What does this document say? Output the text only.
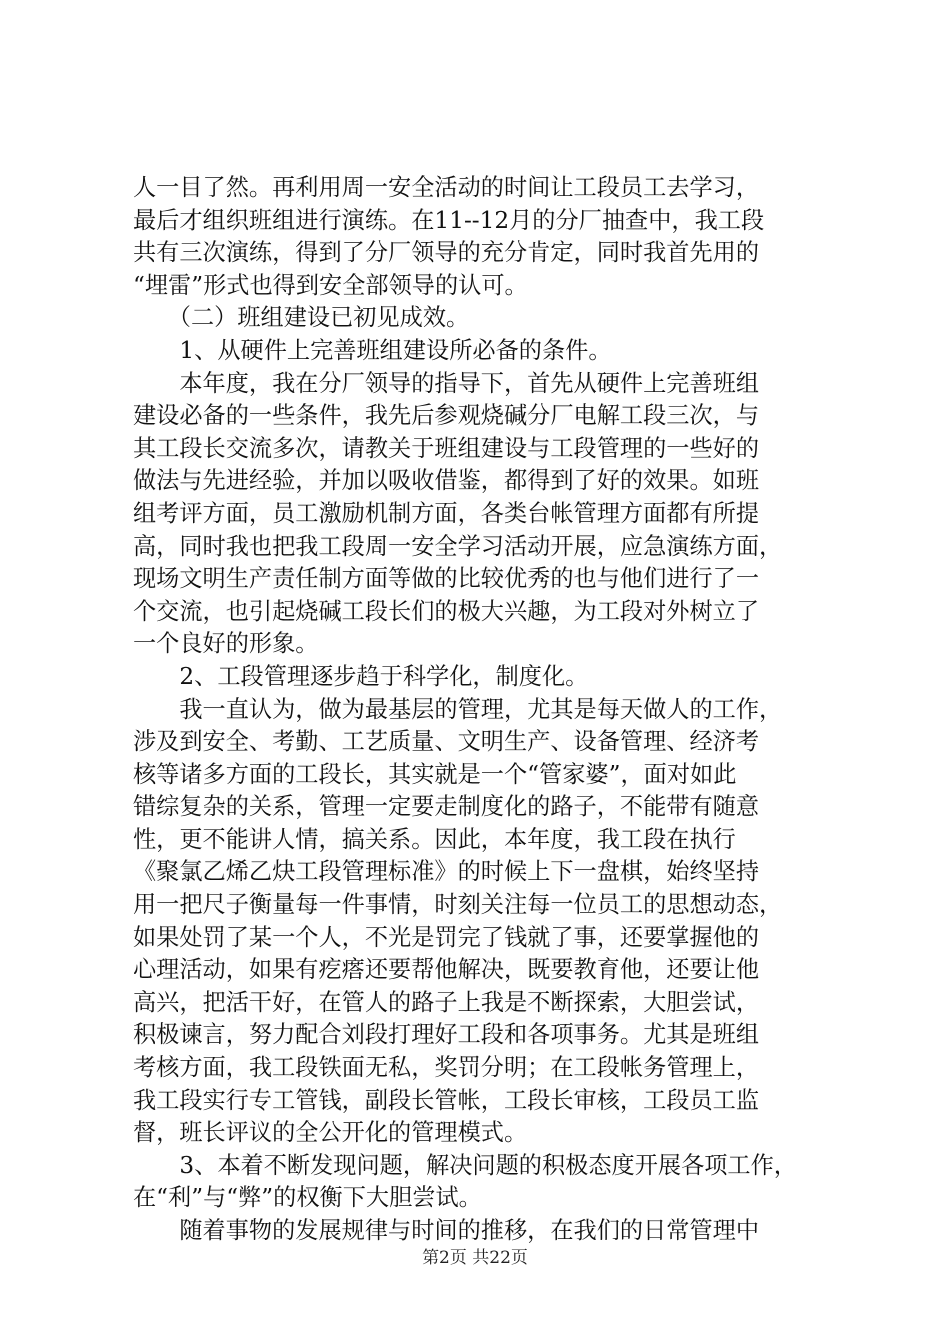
人一目了然。再利用周一安全活动的时间让工段员工去学习，
最后才组织班组进行演练。在11--12月的分厂抽查中，我工段
共有三次演练，得到了分厂领导的充分肯定，同时我首先用的
“埋雷”形式也得到安全部领导的认可。
　　（二）班组建设已初见成效。
　　1、从硬件上完善班组建设所必备的条件。
　　本年度，我在分厂领导的指导下，首先从硬件上完善班组
建设必备的一些条件，我先后参观烧碱分厂电解工段三次，与
其工段长交流多次，请教关于班组建设与工段管理的一些好的
做法与先进经验，并加以吸收借鉴，都得到了好的效果。如班
组考评方面，员工激励机制方面，各类台帐管理方面都有所提
高，同时我也把我工段周一安全学习活动开展，应急演练方面，
现场文明生产责任制方面等做的比较优秀的也与他们进行了一
个交流，也引起烧碱工段长们的极大兴趣，为工段对外树立了
一个良好的形象。
　　2、工段管理逐步趋于科学化，制度化。
　　我一直认为，做为最基层的管理，尤其是每天做人的工作，
涉及到安全、考勤、工艺质量、文明生产、设备管理、经济考
核等诸多方面的工段长，其实就是一个“管家婆”，面对如此
错综复杂的关系，管理一定要走制度化的路子，不能带有随意
性，更不能讲人情，搞关系。因此，本年度，我工段在执行
《聚氯乙烯乙炔工段管理标准》的时候上下一盘棋，始终坚持
用一把尺子衡量每一件事情，时刻关注每一位员工的思想动态，
如果处罚了某一个人，不光是罚完了钱就了事，还要掌握他的
心理活动，如果有疙瘩还要帮他解决，既要教育他，还要让他
高兴，把活干好，在管人的路子上我是不断探索，大胆尝试，
积极谏言，努力配合刘段打理好工段和各项事务。尤其是班组
考核方面，我工段铁面无私，奖罚分明；在工段帐务管理上，
我工段实行专工管钱，副段长管帐，工段长审核，工段员工监
督，班长评议的全公开化的管理模式。
　　3、本着不断发现问题，解决问题的积极态度开展各项工作，
在“利”与“弊”的权衡下大胆尝试。
　　随着事物的发展规律与时间的推移，在我们的日常管理中
第2页 共22页
